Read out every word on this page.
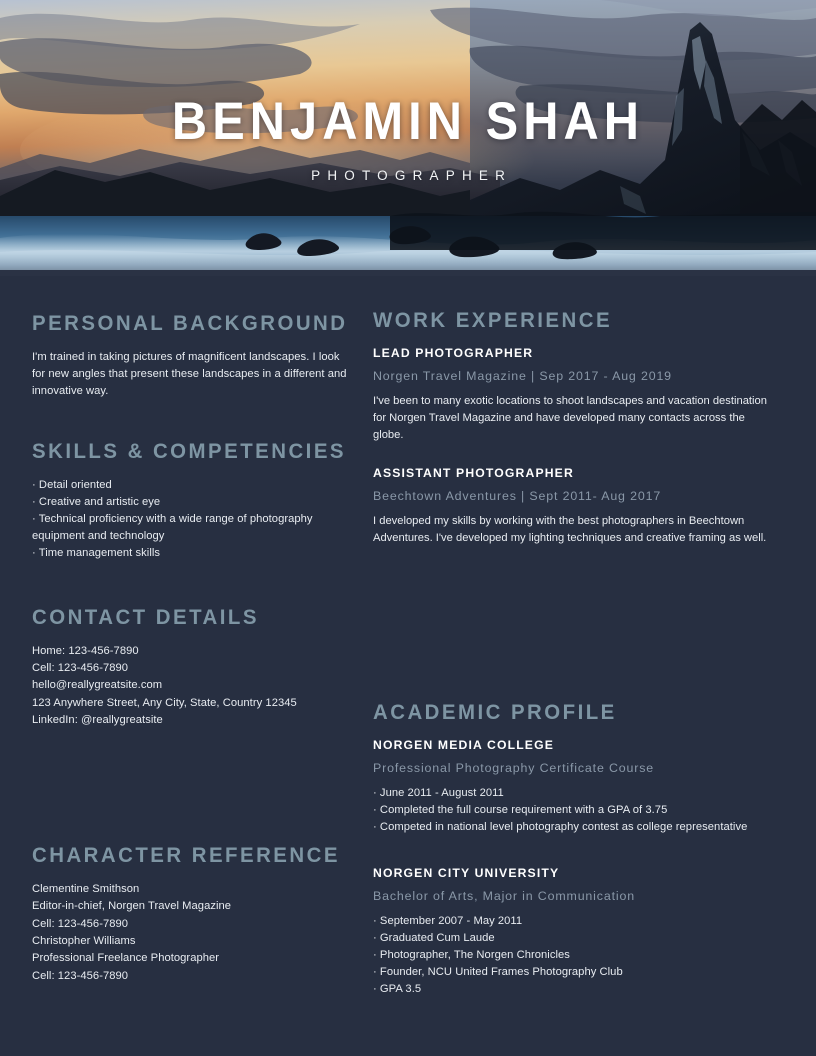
BENJAMIN SHAH
PHOTOGRAPHER
PERSONAL BACKGROUND

I'm trained in taking pictures of magnificent landscapes. I look for new angles that present these landscapes in a different and innovative way.

SKILLS & COMPETENCIES
· Detail oriented
· Creative and artistic eye
· Technical proficiency with a wide range of photography equipment and technology
· Time management skills
CONTACT DETAILS
Home: 123-456-7890
Cell: 123-456-7890
hello@reallygreatsite.com
123 Anywhere Street, Any City, State, Country 12345
LinkedIn: @reallygreatsite
CHARACTER REFERENCE
Clementine Smithson
Editor-in-chief, Norgen Travel Magazine
Cell: 123-456-7890
Christopher Williams
Professional Freelance Photographer
Cell: 123-456-7890
WORK EXPERIENCE
LEAD PHOTOGRAPHER
Norgen Travel Magazine | Sep 2017 - Aug 2019

I've been to many exotic locations to shoot landscapes and vacation destination for Norgen Travel Magazine and have developed many contacts across the globe.

ASSISTANT PHOTOGRAPHER
Beechtown Adventures | Sept 2011- Aug 2017

I developed my skills by working with the best photographers in Beechtown Adventures. I've developed my lighting techniques and creative framing as well.

ACADEMIC PROFILE
NORGEN MEDIA COLLEGE
Professional Photography Certificate Course
· June 2011 - August 2011
· Completed the full course requirement with a GPA of 3.75
· Competed in national level photography contest as college representative
NORGEN CITY UNIVERSITY
Bachelor of Arts, Major in Communication
· September 2007 - May 2011
· Graduated Cum Laude
· Photographer, The Norgen Chronicles
· Founder, NCU United Frames Photography Club
· GPA 3.5
